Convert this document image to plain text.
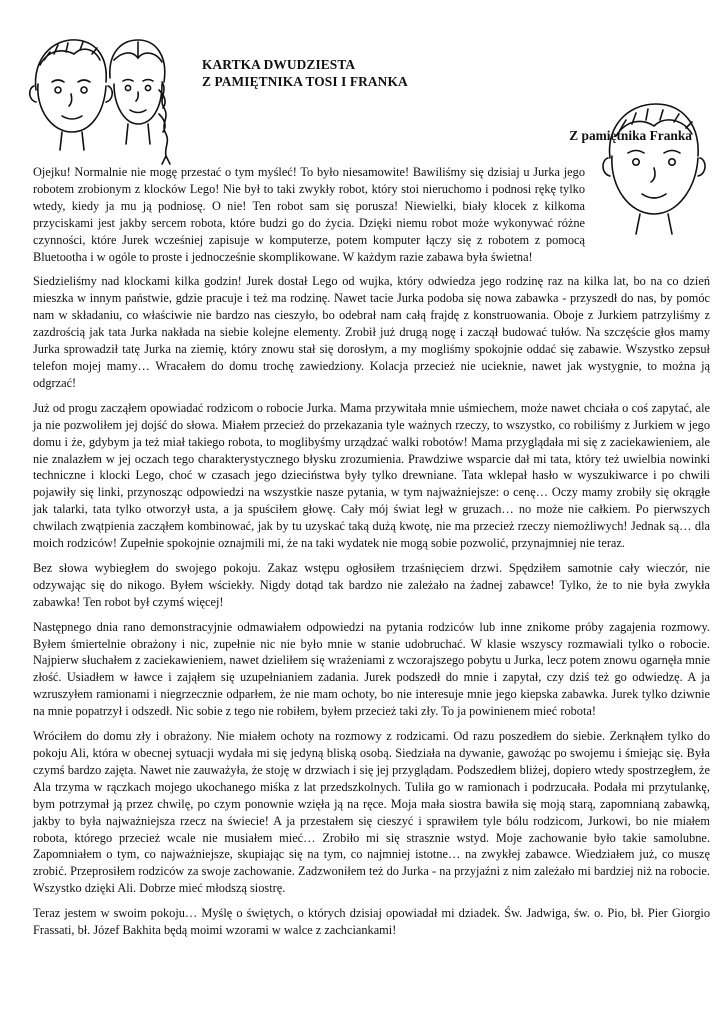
KARTKA DWUDZIESTA
Z PAMIĘTNIKA TOSI I FRANKA
Z pamiętnika Franka

Ojejku! Normalnie nie mogę przestać o tym myśleć! To było niesamowite! Bawiliśmy się dzisiaj u Jurka jego robotem zrobionym z klocków Lego! Nie był to taki zwykły robot, który stoi nieruchomo i podnosi rękę tylko wtedy, kiedy ja mu ją podniosę. O nie! Ten robot sam się porusza! Niewielki, biały klocek z kilkoma przyciskami jest jakby sercem robota, które budzi go do życia. Dzięki niemu robot może wykonywać różne czynności, które Jurek wcześniej zapisuje w komputerze, potem komputer łączy się z robotem z pomocą Bluetootha i w ogóle to proste i jednocześnie skomplikowane. W każdym razie zabawa była świetna!

Siedzieliśmy nad klockami kilka godzin! Jurek dostał Lego od wujka, który odwiedza jego rodzinę raz na kilka lat, bo na co dzień mieszka w innym państwie, gdzie pracuje i też ma rodzinę. Nawet tacie Jurka podoba się nowa zabawka - przyszedł do nas, by pomóc nam w składaniu, co właściwie nie bardzo nas cieszyło, bo odebrał nam całą frajdę z konstruowania. Oboje z Jurkiem patrzyliśmy z zazdrością jak tata Jurka nakłada na siebie kolejne elementy. Zrobił już drugą nogę i zaczął budować tułów. Na szczęście głos mamy Jurka sprowadził tatę Jurka na ziemię, który znowu stał się dorosłym, a my mogliśmy spokojnie oddać się zabawie. Wszystko zepsuł telefon mojej mamy… Wracałem do domu trochę zawiedziony. Kolacja przecież nie ucieknie, nawet jak wystygnie, to można ją odgrzać!

Już od progu zacząłem opowiadać rodzicom o robocie Jurka. Mama przywitała mnie uśmiechem, może nawet chciała o coś zapytać, ale ja nie pozwoliłem jej dojść do słowa. Miałem przecież do przekazania tyle ważnych rzeczy, to wszystko, co robiliśmy z Jurkiem w jego domu i że, gdybym ja też miał takiego robota, to moglibyśmy urządzać walki robotów! Mama przyglądała mi się z zaciekawieniem, ale nie znalazłem w jej oczach tego charakterystycznego błysku zrozumienia. Prawdziwe wsparcie dał mi tata, który też uwielbia nowinki techniczne i klocki Lego, choć w czasach jego dzieciństwa były tylko drewniane. Tata wklepał hasło w wyszukiwarce i po chwili pojawiły się linki, przynosząc odpowiedzi na wszystkie nasze pytania, w tym najważniejsze: o cenę… Oczy mamy zrobiły się okrągłe jak talarki, tata tylko otworzył usta, a ja spuściłem głowę. Cały mój świat legł w gruzach… no może nie całkiem. Po pierwszych chwilach zwątpienia zacząłem kombinować, jak by tu uzyskać taką dużą kwotę, nie ma przecież rzeczy niemożliwych! Jednak są… dla moich rodziców! Zupełnie spokojnie oznajmili mi, że na taki wydatek nie mogą sobie pozwolić, przynajmniej nie teraz.

Bez słowa wybiegłem do swojego pokoju. Zakaz wstępu ogłosiłem trzaśnięciem drzwi. Spędziłem samotnie cały wieczór, nie odzywając się do nikogo. Byłem wściekły. Nigdy dotąd tak bardzo nie zależało na żadnej zabawce! Tylko, że to nie była zwykła zabawka! Ten robot był czymś więcej!

Następnego dnia rano demonstracyjnie odmawiałem odpowiedzi na pytania rodziców lub inne znikome próby zagajenia rozmowy. Byłem śmiertelnie obrażony i nic, zupełnie nic nie było mnie w stanie udobruchać. W klasie wszyscy rozmawiali tylko o robocie. Najpierw słuchałem z zaciekawieniem, nawet dzieliłem się wrażeniami z wczorajszego pobytu u Jurka, lecz potem znowu ogarnęła mnie złość. Usiadłem w ławce i zająłem się uzupełnianiem zadania. Jurek podszedł do mnie i zapytał, czy dziś też go odwiedzę. A ja wzruszyłem ramionami i niegrzecznie odparłem, że nie mam ochoty, bo nie interesuje mnie jego kiepska zabawka. Jurek tylko dziwnie na mnie popatrzył i odszedł. Nic sobie z tego nie robiłem, byłem przecież taki zły. To ja powinienem mieć robota!

Wróciłem do domu zły i obrażony. Nie miałem ochoty na rozmowy z rodzicami. Od razu poszedłem do siebie. Zerknąłem tylko do pokoju Ali, która w obecnej sytuacji wydała mi się jedyną bliską osobą. Siedziała na dywanie, gawożąc po swojemu i śmiejąc się. Była czymś bardzo zajęta. Nawet nie zauważyła, że stoję w drzwiach i się jej przyglądam. Podszedłem bliżej, dopiero wtedy spostrzegłem, że Ala trzyma w rączkach mojego ukochanego miśka z lat przedszkolnych. Tuliła go w ramionach i podrzucała. Podała mi przytulankę, bym potrzymał ją przez chwilę, po czym ponownie wzięła ją na ręce. Moja mała siostra bawiła się moją starą, zapomnianą zabawką, jakby to była najważniejsza rzecz na świecie! A ja przestałem się cieszyć i sprawiłem tyle bólu rodzicom, Jurkowi, bo nie miałem robota, którego przecież wcale nie musiałem mieć… Zrobiło mi się strasznie wstyd. Moje zachowanie było takie samolubne. Zapomniałem o tym, co najważniejsze, skupiając się na tym, co najmniej istotne… na zwykłej zabawce. Wiedziałem już, co muszę zrobić. Przeprosiłem rodziców za swoje zachowanie. Zadzwoniłem też do Jurka - na przyjaźni z nim zależało mi bardziej niż na robocie. Wszystko dzięki Ali. Dobrze mieć młodszą siostrę.

Teraz jestem w swoim pokoju… Myślę o świętych, o których dzisiaj opowiadał mi dziadek. Św. Jadwiga, św. o. Pio, bł. Pier Giorgio Frassati, bł. Józef Bakhita będą moimi wzorami w walce z zachciankami!
